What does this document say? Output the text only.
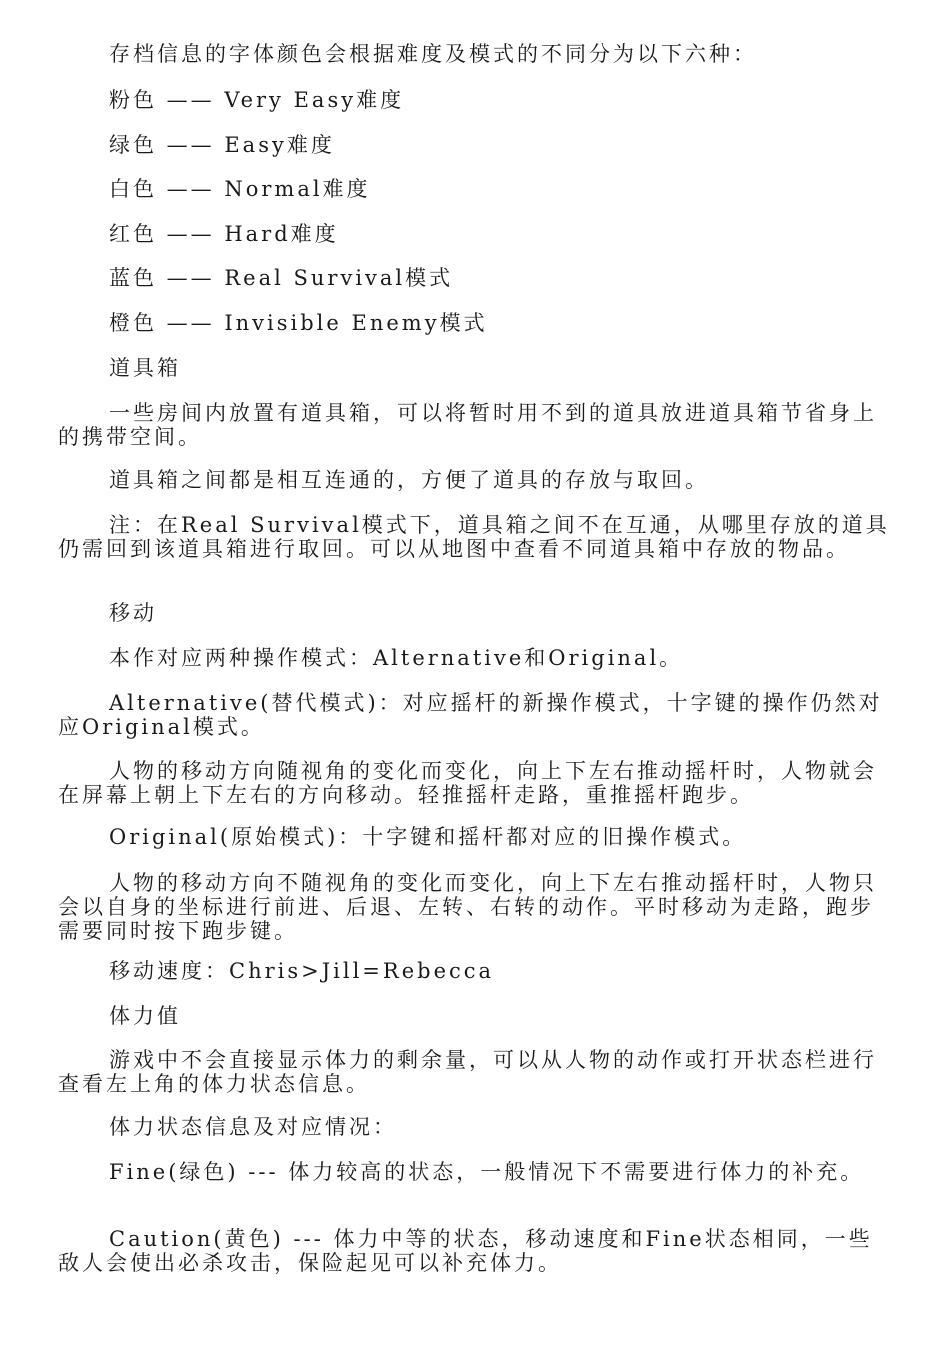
存档信息的字体颜色会根据难度及模式的不同分为以下六种：

粉色 —— Very Easy难度

绿色 —— Easy难度

白色 —— Normal难度

红色 —— Hard难度

蓝色 —— Real Survival模式

橙色 —— Invisible Enemy模式

道具箱

一些房间内放置有道具箱，可以将暂时用不到的道具放进道具箱节省身上的携带空间。

道具箱之间都是相互连通的，方便了道具的存放与取回。

注：在Real Survival模式下，道具箱之间不在互通，从哪里存放的道具仍需回到该道具箱进行取回。可以从地图中查看不同道具箱中存放的物品。

移动

本作对应两种操作模式：Alternative和Original。

Alternative(替代模式)：对应摇杆的新操作模式，十字键的操作仍然对应Original模式。

人物的移动方向随视角的变化而变化，向上下左右推动摇杆时，人物就会在屏幕上朝上下左右的方向移动。轻推摇杆走路，重推摇杆跑步。

Original(原始模式)：十字键和摇杆都对应的旧操作模式。

人物的移动方向不随视角的变化而变化，向上下左右推动摇杆时，人物只会以自身的坐标进行前进、后退、左转、右转的动作。平时移动为走路，跑步需要同时按下跑步键。

移动速度：Chris>Jill=Rebecca

体力值

游戏中不会直接显示体力的剩余量，可以从人物的动作或打开状态栏进行查看左上角的体力状态信息。

体力状态信息及对应情况：

Fine(绿色) --- 体力较高的状态，一般情况下不需要进行体力的补充。

Caution(黄色) --- 体力中等的状态，移动速度和Fine状态相同，一些敌人会使出必杀攻击，保险起见可以补充体力。
